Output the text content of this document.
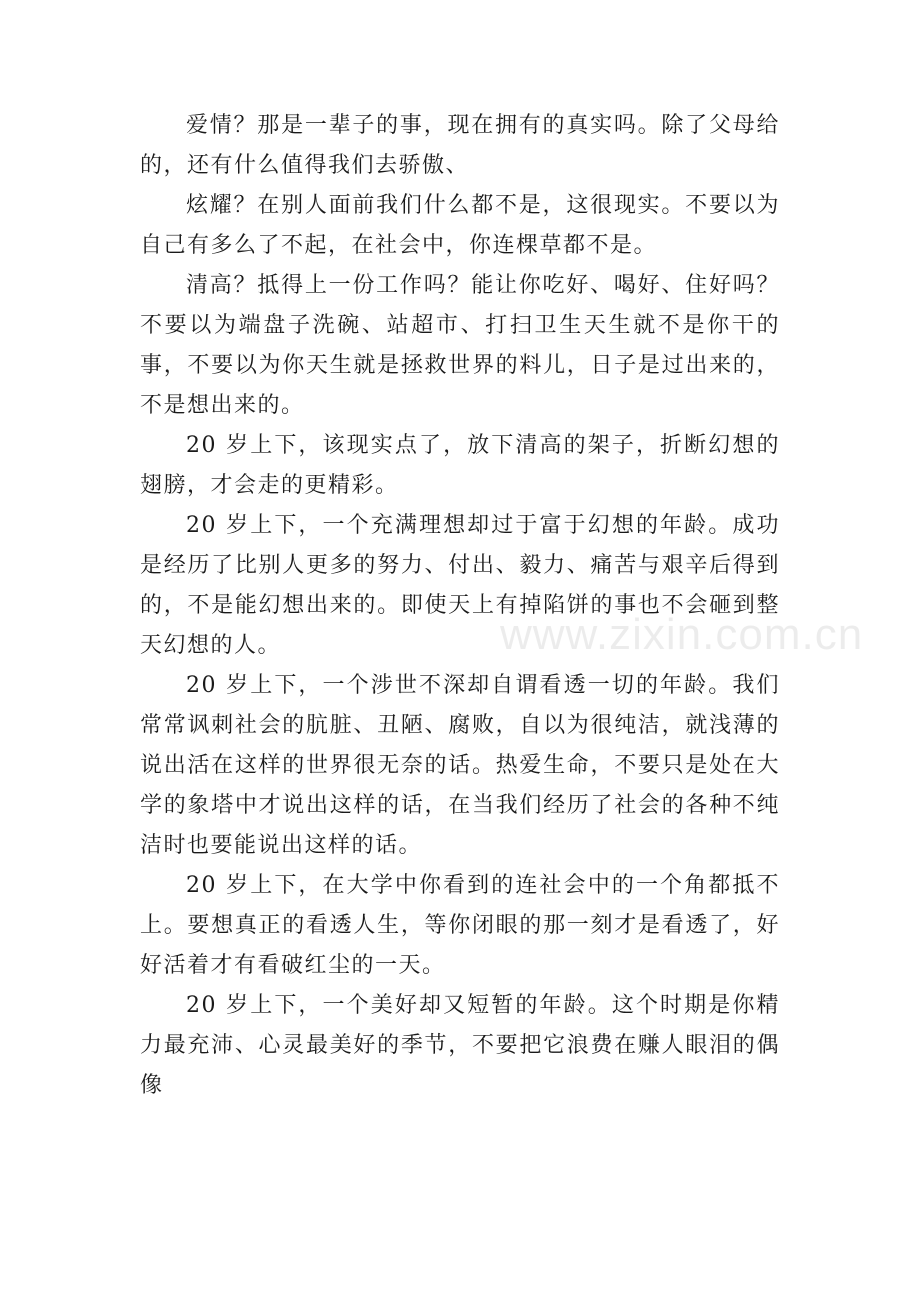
爱情？那是一辈子的事，现在拥有的真实吗。除了父母给的，还有什么值得我们去骄傲、

炫耀？在别人面前我们什么都不是，这很现实。不要以为自己有多么了不起，在社会中，你连棵草都不是。

清高？抵得上一份工作吗？能让你吃好、喝好、住好吗？不要以为端盘子洗碗、站超市、打扫卫生天生就不是你干的事，不要以为你天生就是拯救世界的料儿，日子是过出来的，不是想出来的。

20 岁上下，该现实点了，放下清高的架子，折断幻想的翅膀，才会走的更精彩。

20 岁上下，一个充满理想却过于富于幻想的年龄。成功是经历了比别人更多的努力、付出、毅力、痛苦与艰辛后得到的，不是能幻想出来的。即使天上有掉陷饼的事也不会砸到整天幻想的人。

20 岁上下，一个涉世不深却自谓看透一切的年龄。我们常常讽刺社会的肮脏、丑陋、腐败，自以为很纯洁，就浅薄的说出活在这样的世界很无奈的话。热爱生命，不要只是处在大学的象塔中才说出这样的话，在当我们经历了社会的各种不纯洁时也要能说出这样的话。

20 岁上下，在大学中你看到的连社会中的一个角都抵不上。要想真正的看透人生，等你闭眼的那一刻才是看透了，好好活着才有看破红尘的一天。

20 岁上下，一个美好却又短暂的年龄。这个时期是你精力最充沛、心灵最美好的季节，不要把它浪费在赚人眼泪的偶像

www.zixin.com.cn
